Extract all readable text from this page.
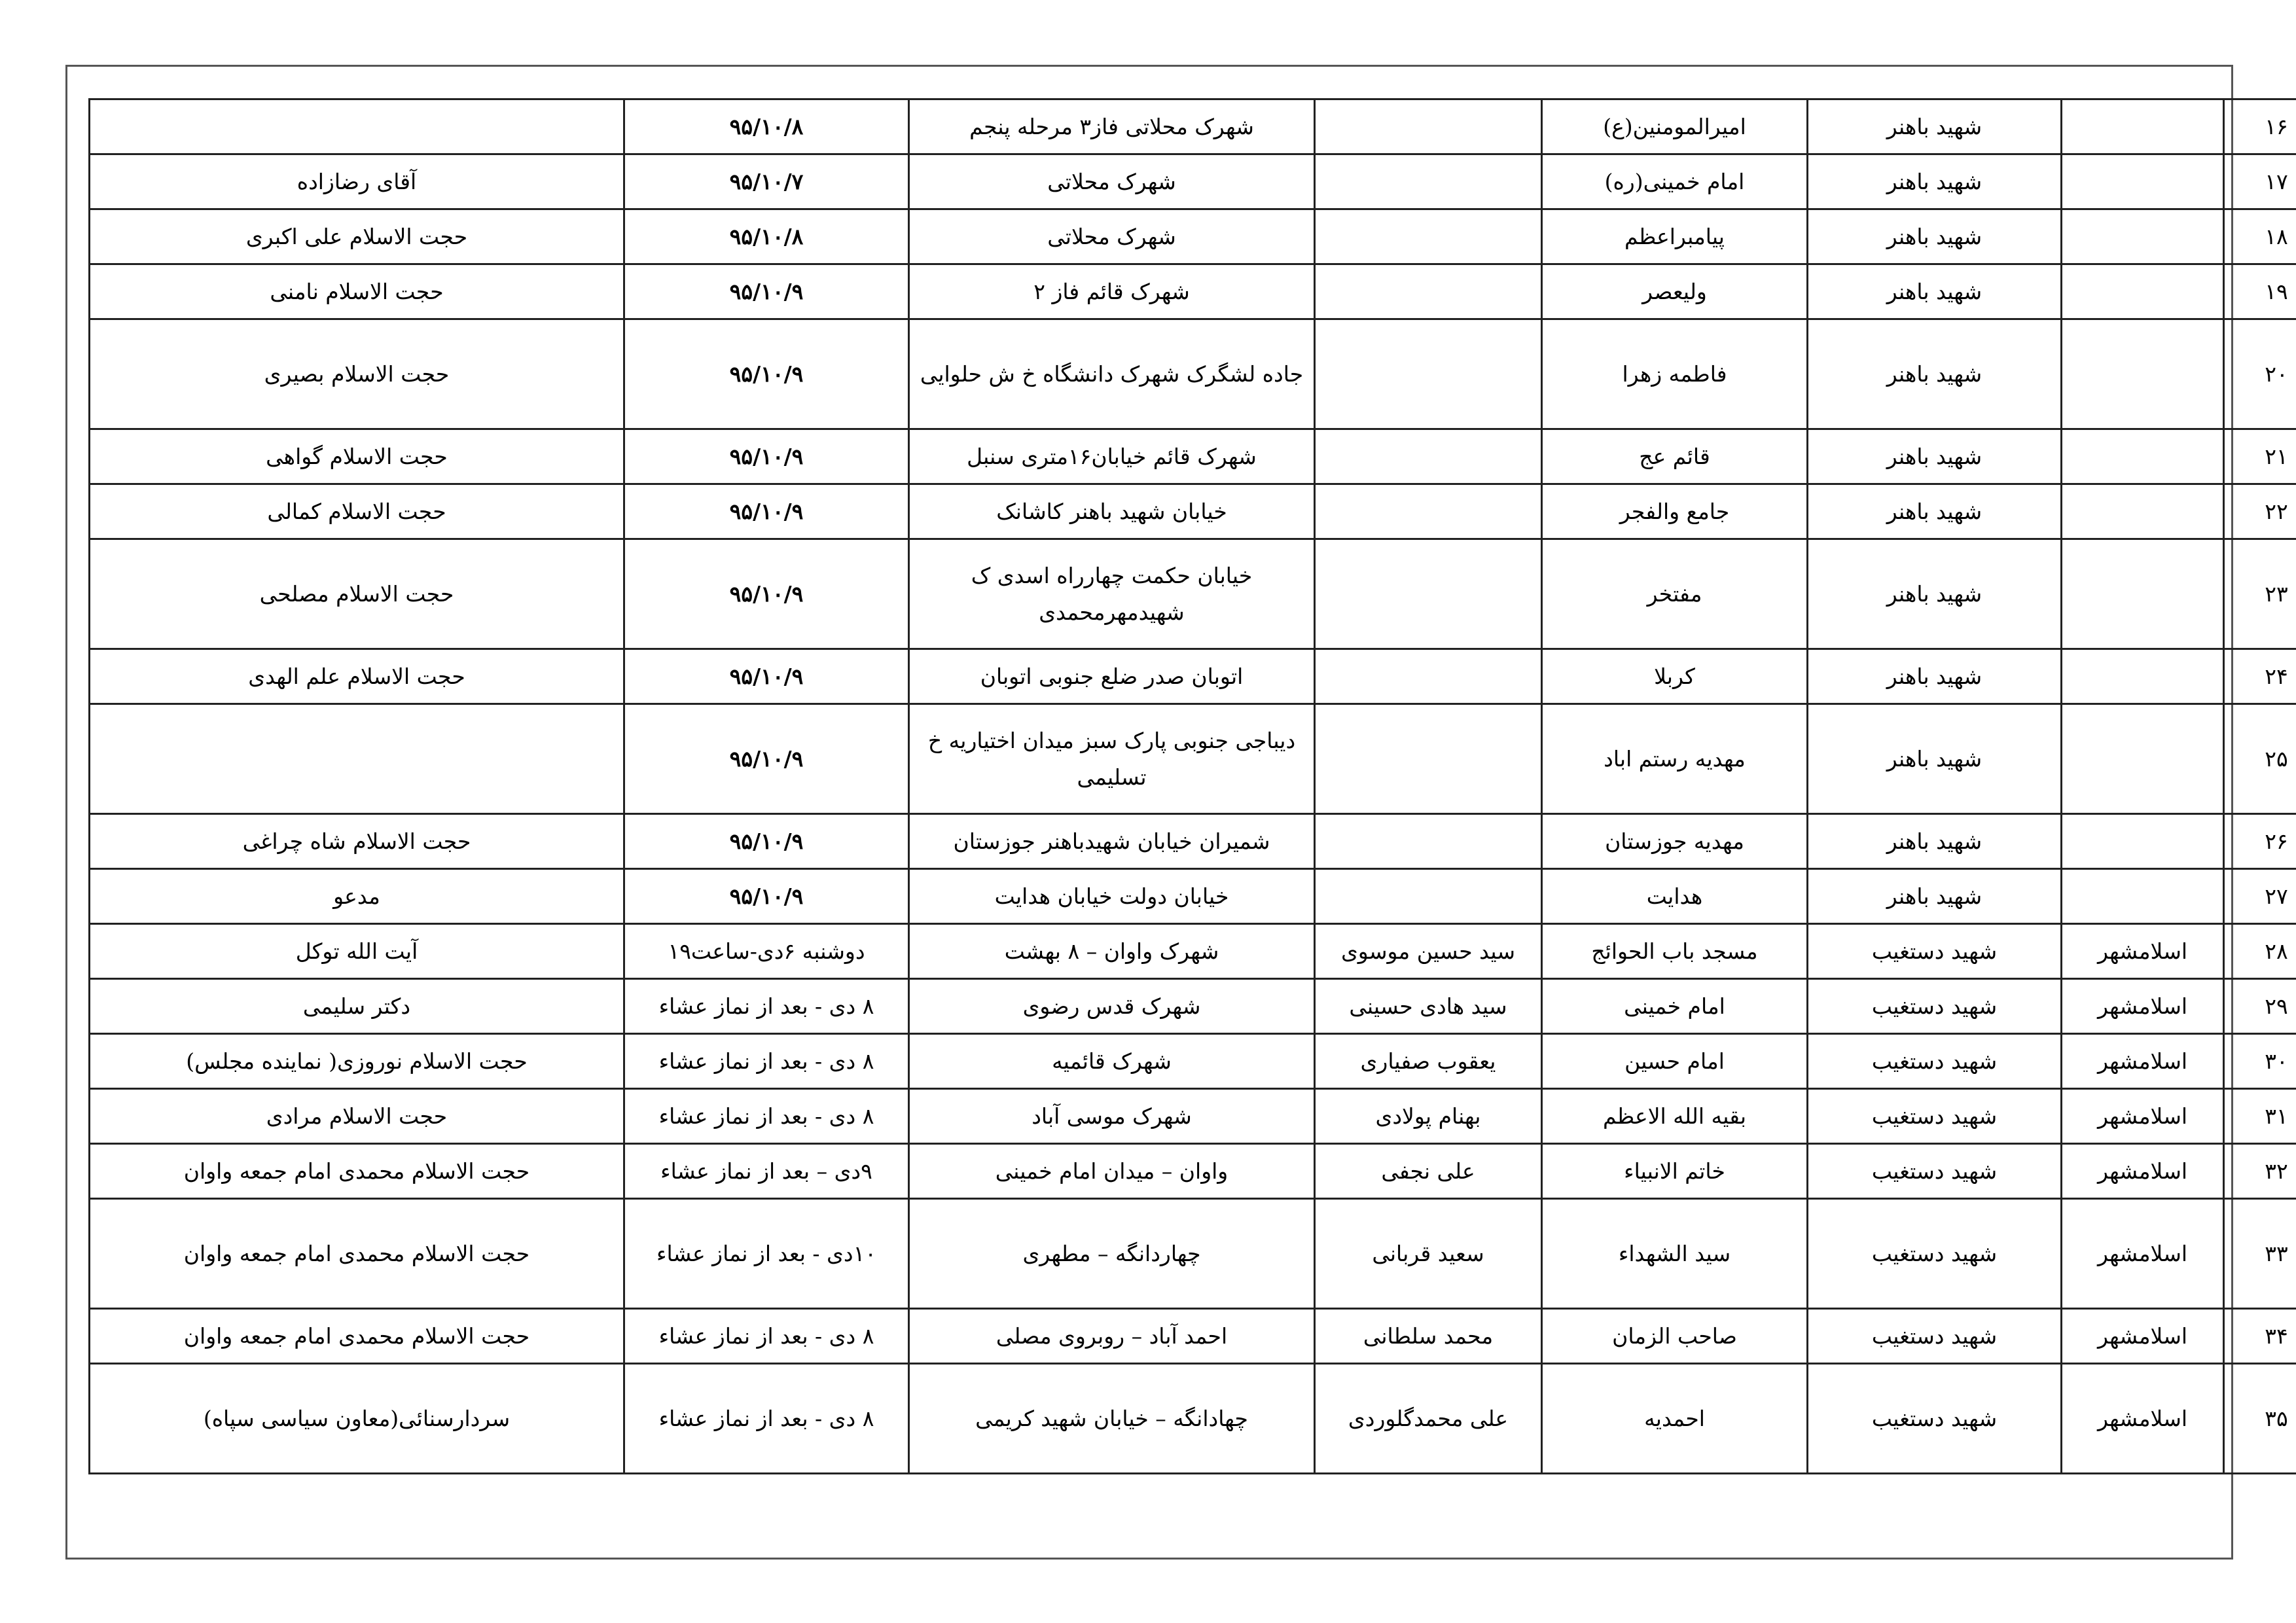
۱۶		شهید باهنر	امیرالمومنین(ع)		شهرک محلاتی فاز۳ مرحله پنجم	۹۵/۱۰/۸	
۱۷		شهید باهنر	امام خمینی(ره)		شهرک محلاتی	۹۵/۱۰/۷	آقای رضازاده
۱۸		شهید باهنر	پیامبراعظم		شهرک محلاتی	۹۵/۱۰/۸	حجت الاسلام علی اکبری
۱۹		شهید باهنر	ولیعصر		شهرک قائم فاز ۲	۹۵/۱۰/۹	حجت الاسلام نامنی
۲۰		شهید باهنر	فاطمه زهرا		جاده لشگرک شهرک دانشگاه خ ش حلوایی	۹۵/۱۰/۹	حجت الاسلام بصیری
۲۱		شهید باهنر	قائم عج		شهرک قائم خیابان۱۶متری سنبل	۹۵/۱۰/۹	حجت الاسلام گواهی
۲۲		شهید باهنر	جامع والفجر		خیابان شهید باهنر کاشانک	۹۵/۱۰/۹	حجت الاسلام کمالی
۲۳		شهید باهنر	مفتخر		خیابان حکمت چهارراه اسدی ک شهیدمهرمحمدی	۹۵/۱۰/۹	حجت الاسلام مصلحی
۲۴		شهید باهنر	کربلا		اتوبان صدر ضلع جنوبی اتوبان	۹۵/۱۰/۹	حجت الاسلام علم الهدی
۲۵		شهید باهنر	مهدیه رستم اباد		دیباجی جنوبی پارک سبز میدان اختیاریه خ تسلیمی	۹۵/۱۰/۹	
۲۶		شهید باهنر	مهدیه جوزستان		شمیران خیابان شهیدباهنر جوزستان	۹۵/۱۰/۹	حجت الاسلام شاه چراغی
۲۷		شهید باهنر	هدایت		خیابان دولت خیابان هدایت	۹۵/۱۰/۹	مدعو
۲۸	اسلامشهر	شهید دستغیب	مسجد باب الحوائج	سید حسین موسوی	شهرک واوان – ۸ بهشت	دوشنبه ۶دی-ساعت۱۹	آیت الله توکل
۲۹	اسلامشهر	شهید دستغیب	امام خمینی	سید هادی حسینی	شهرک قدس رضوی	۸ دی - بعد از نماز عشاء	دکتر سلیمی
۳۰	اسلامشهر	شهید دستغیب	امام حسین	یعقوب صفیاری	شهرک قائمیه	۸ دی - بعد از نماز عشاء	حجت الاسلام نوروزی( نماینده مجلس)
۳۱	اسلامشهر	شهید دستغیب	بقیه الله الاعظم	بهنام پولادی	شهرک موسی آباد	۸ دی - بعد از نماز عشاء	حجت الاسلام مرادی
۳۲	اسلامشهر	شهید دستغیب	خاتم الانبیاء	علی نجفی	واوان – میدان امام خمینی	۹دی – بعد از نماز عشاء	حجت الاسلام محمدی امام جمعه واوان
۳۳	اسلامشهر	شهید دستغیب	سید الشهداء	سعید قربانی	چهاردانگه – مطهری	۱۰دی - بعد از نماز عشاء	حجت الاسلام محمدی امام جمعه واوان
۳۴	اسلامشهر	شهید دستغیب	صاحب الزمان	محمد سلطانی	احمد آباد – روبروی مصلی	۸ دی - بعد از نماز عشاء	حجت الاسلام محمدی امام جمعه واوان
۳۵	اسلامشهر	شهید دستغیب	احمدیه	علی محمدگلوردی	چهادانگه – خیابان شهید کریمی	۸ دی - بعد از نماز عشاء	سردارسنائی(معاون سیاسی سپاه)
